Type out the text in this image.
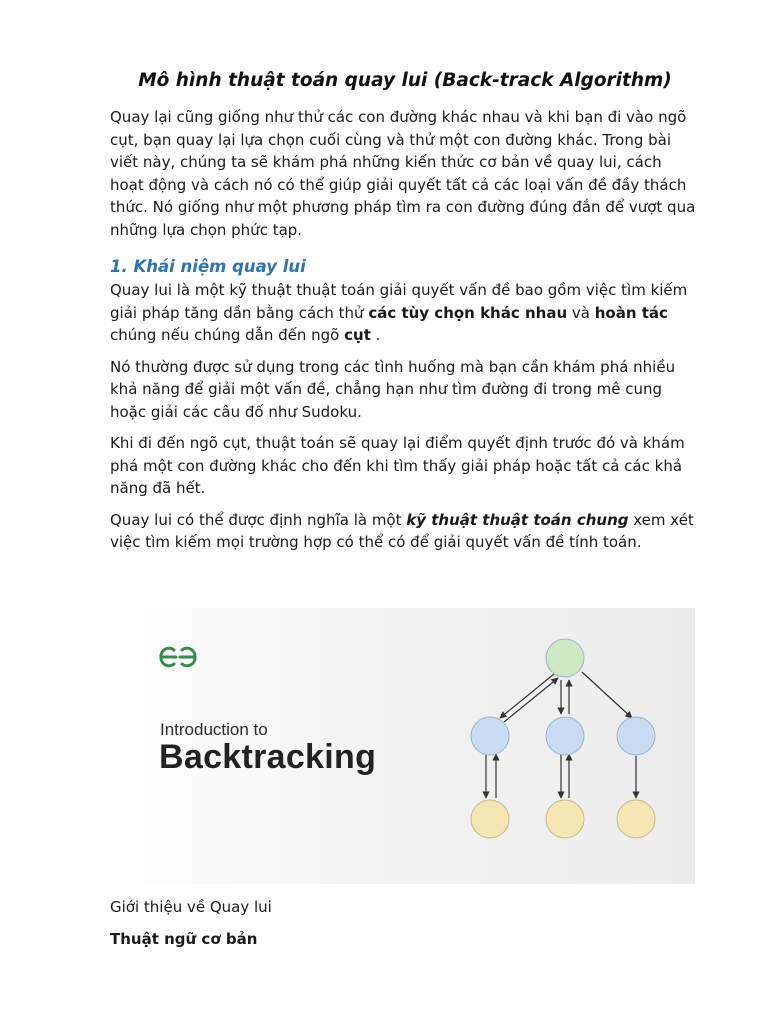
Mô hình thuật toán quay lui (Back-track Algorithm)

Quay lại cũng giống như thử các con đường khác nhau và khi bạn đi vào ngõ cụt, bạn quay lại lựa chọn cuối cùng và thử một con đường khác. Trong bài viết này, chúng ta sẽ khám phá những kiến thức cơ bản về quay lui, cách hoạt động và cách nó có thể giúp giải quyết tất cả các loại vấn đề đầy thách thức. Nó giống như một phương pháp tìm ra con đường đúng đắn để vượt qua những lựa chọn phức tạp.

1. Khái niệm quay lui

Quay lui là một kỹ thuật thuật toán giải quyết vấn đề bao gồm việc tìm kiếm giải pháp tăng dần bằng cách thử các tùy chọn khác nhau và hoàn tác chúng nếu chúng dẫn đến ngõ cụt .

Nó thường được sử dụng trong các tình huống mà bạn cần khám phá nhiều khả năng để giải một vấn đề, chẳng hạn như tìm đường đi trong mê cung hoặc giải các câu đố như Sudoku.

Khi đi đến ngõ cụt, thuật toán sẽ quay lại điểm quyết định trước đó và khám phá một con đường khác cho đến khi tìm thấy giải pháp hoặc tất cả các khả năng đã hết.

Quay lui có thể được định nghĩa là một kỹ thuật thuật toán chung xem xét việc tìm kiếm mọi trường hợp có thể có để giải quyết vấn đề tính toán.

Introduction to
Backtracking

Giới thiệu về Quay lui

Thuật ngữ cơ bản
